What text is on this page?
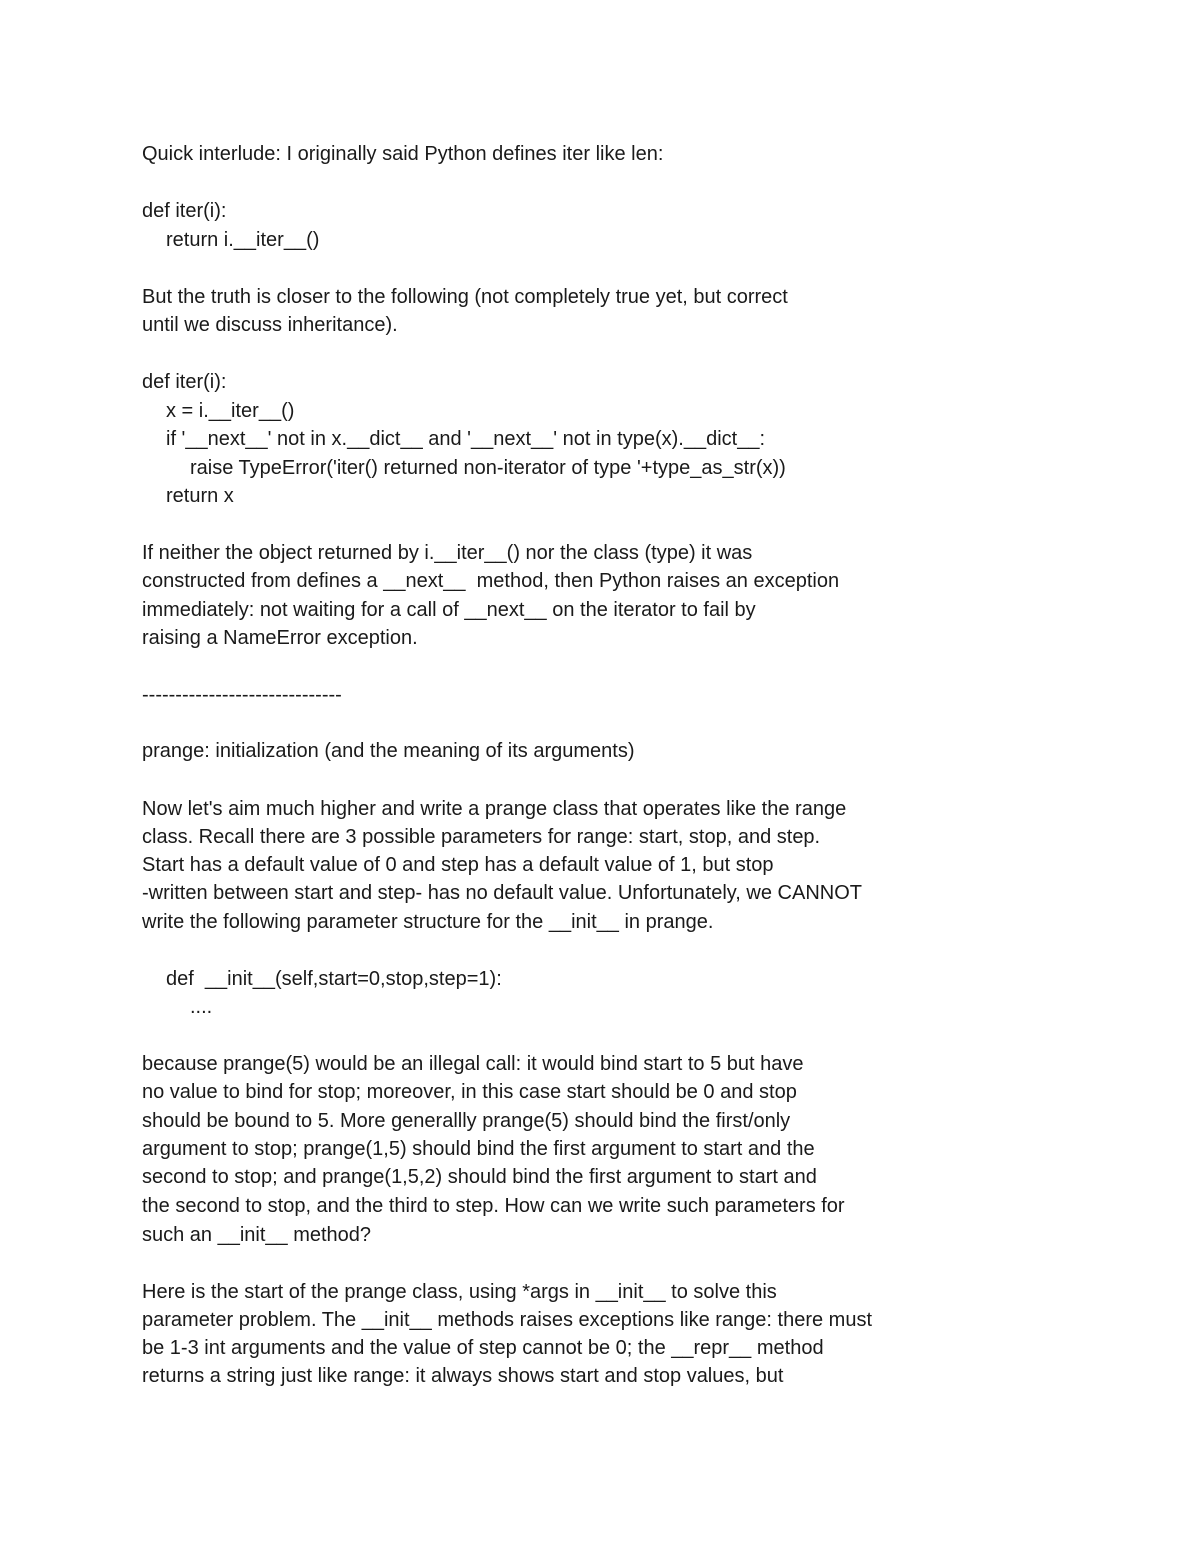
Quick interlude: I originally said Python defines iter like len:
def iter(i):
return i.__iter__()
But the truth is closer to the following (not completely true yet, but correct
until we discuss inheritance).
def iter(i):
x = i.__iter__()
if '__next__' not in x.__dict__ and '__next__' not in type(x).__dict__:
raise TypeError('iter() returned non-iterator of type '+type_as_str(x))
return x
If neither the object returned by i.__iter__() nor the class (type) it was
constructed from defines a __next__  method, then Python raises an exception
immediately: not waiting for a call of __next__ on the iterator to fail by
raising a NameError exception.
------------------------------
prange: initialization (and the meaning of its arguments)
Now let's aim much higher and write a prange class that operates like the range
class. Recall there are 3 possible parameters for range: start, stop, and step.
Start has a default value of 0 and step has a default value of 1, but stop
-written between start and step- has no default value. Unfortunately, we CANNOT
write the following parameter structure for the __init__ in prange.
def  __init__(self,start=0,stop,step=1):
....
because prange(5) would be an illegal call: it would bind start to 5 but have
no value to bind for stop; moreover, in this case start should be 0 and stop
should be bound to 5. More generallly prange(5) should bind the first/only
argument to stop; prange(1,5) should bind the first argument to start and the
second to stop; and prange(1,5,2) should bind the first argument to start and
the second to stop, and the third to step. How can we write such parameters for
such an __init__ method?
Here is the start of the prange class, using *args in __init__ to solve this
parameter problem. The __init__ methods raises exceptions like range: there must
be 1-3 int arguments and the value of step cannot be 0; the __repr__ method
returns a string just like range: it always shows start and stop values, but
